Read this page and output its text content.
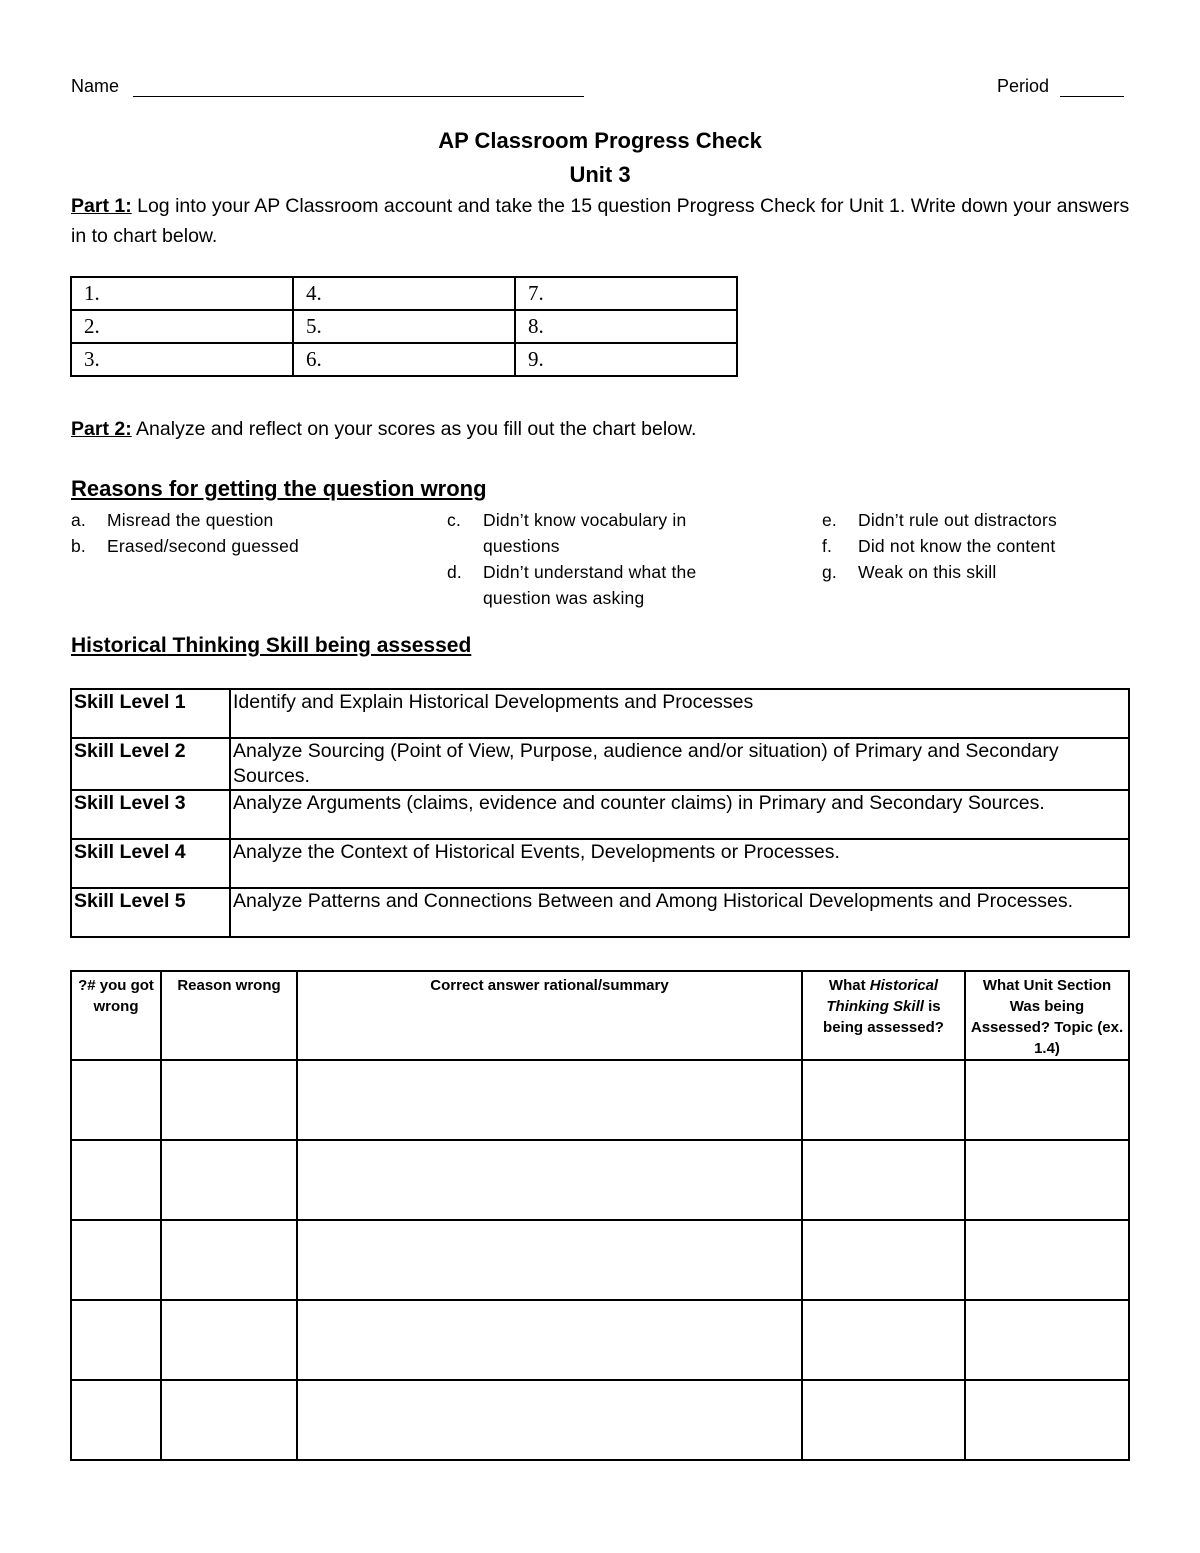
Name	Period
AP Classroom Progress Check
Unit 3
Part 1: Log into your AP Classroom account and take the 15 question Progress Check for Unit 1. Write down your answers in to chart below.
1.	4.	7.
2.	5.	8.
3.	6.	9.
Part 2: Analyze and reflect on your scores as you fill out the chart below.
Reasons for getting the question wrong
a. Misread the question
b. Erased/second guessed
c. Didn’t know vocabulary in questions
d. Didn’t understand what the question was asking
e. Didn’t rule out distractors
f. Did not know the content
g. Weak on this skill
Historical Thinking Skill being assessed
Skill Level 1	Identify and Explain Historical Developments and Processes
Skill Level 2	Analyze Sourcing (Point of View, Purpose, audience and/or situation) of Primary and Secondary Sources.
Skill Level 3	Analyze Arguments (claims, evidence and counter claims) in Primary and Secondary Sources.
Skill Level 4	Analyze the Context of Historical Events, Developments or Processes.
Skill Level 5	Analyze Patterns and Connections Between and Among Historical Developments and Processes.
?# you got wrong	Reason wrong	Correct answer rational/summary	What Historical Thinking Skill is being assessed?	What Unit Section Was being Assessed? Topic (ex. 1.4)
